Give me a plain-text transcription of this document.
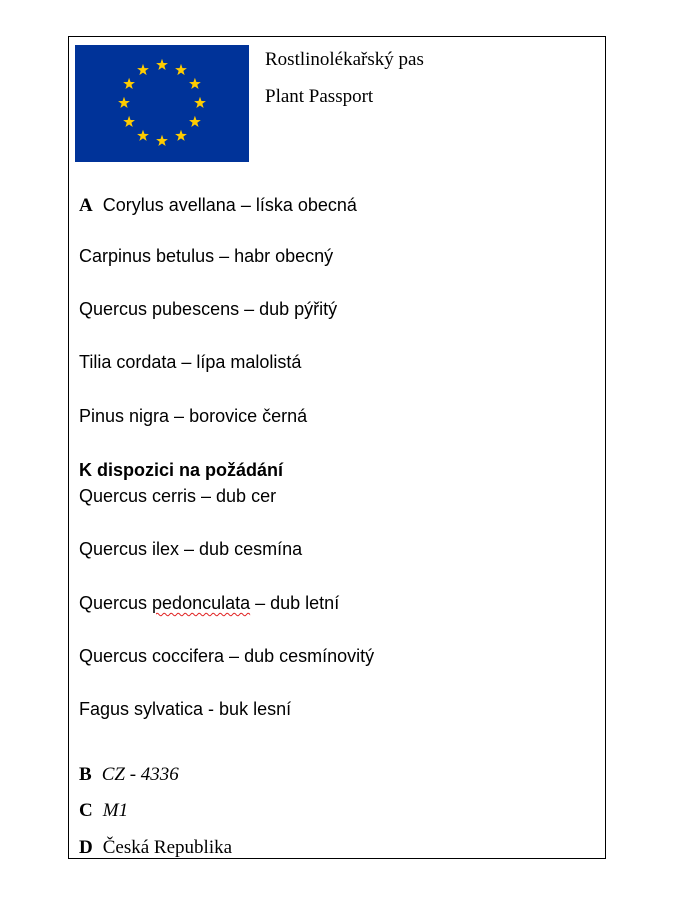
Rostlinolékařský pas
Plant Passport
A Corylus avellana – líska obecná
Carpinus betulus – habr obecný
Quercus pubescens – dub pýřitý
Tilia cordata – lípa malolistá
Pinus nigra – borovice černá
K dispozici na požádání
Quercus cerris – dub cer
Quercus ilex – dub cesmína
Quercus pedonculata – dub letní
Quercus coccifera – dub cesmínovitý
Fagus sylvatica - buk lesní
B CZ - 4336
C M1
D Česká Republika
